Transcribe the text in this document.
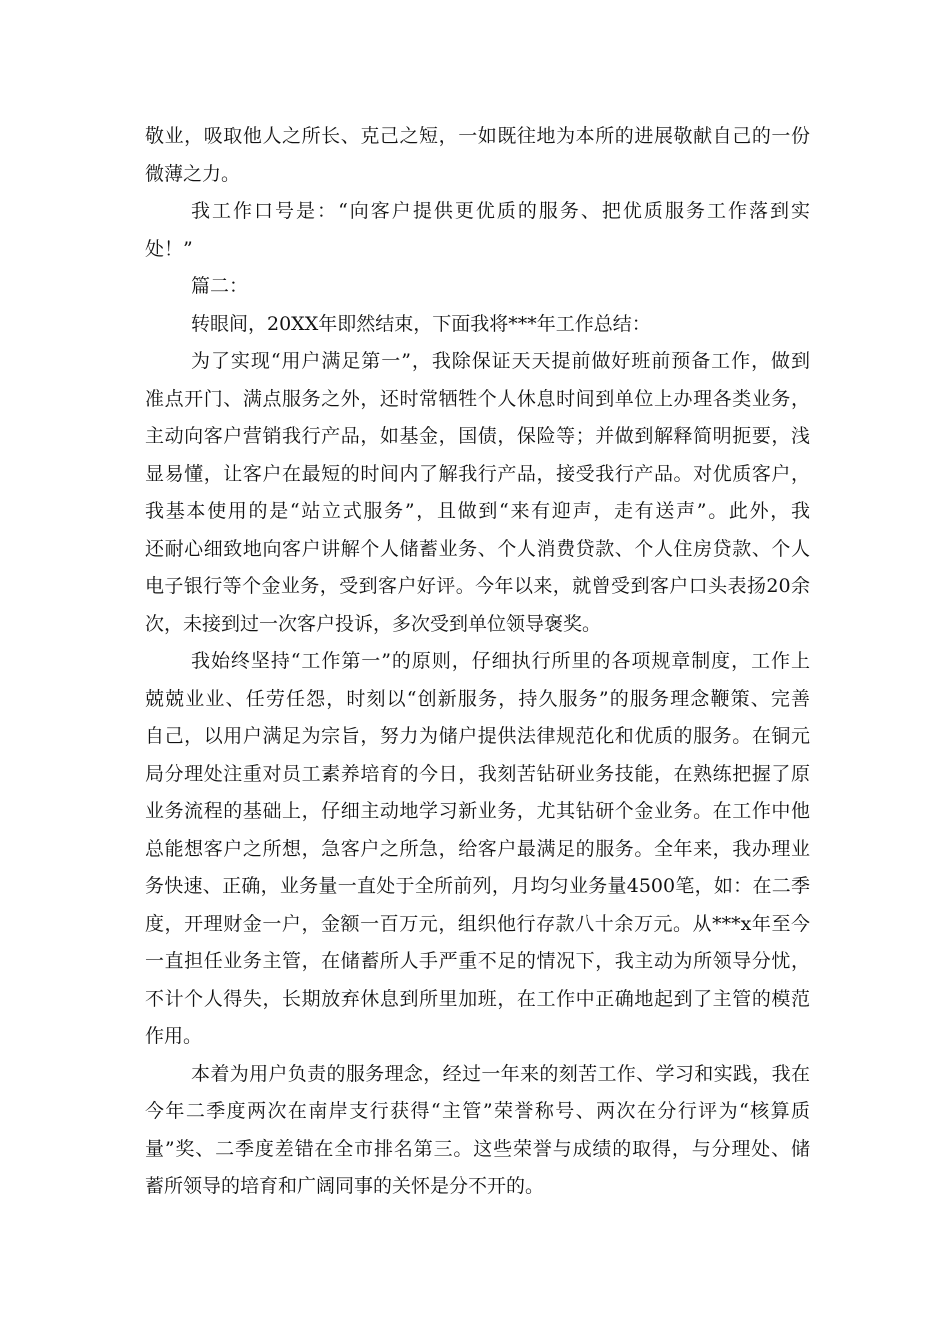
敬业，吸取他人之所长、克己之短，一如既往地为本所的进展敬献自己的一份
微薄之力。
我工作口号是：“向客户提供更优质的服务、把优质服务工作落到实
处！”
篇二：
转眼间，20XX年即然结束，下面我将***年工作总结：
为了实现“用户满足第一”，我除保证天天提前做好班前预备工作，做到
准点开门、满点服务之外，还时常牺牲个人休息时间到单位上办理各类业务，
主动向客户营销我行产品，如基金，国债，保险等；并做到解释简明扼要，浅
显易懂，让客户在最短的时间内了解我行产品，接受我行产品。对优质客户，
我基本使用的是“站立式服务”，且做到“来有迎声，走有送声”。此外，我
还耐心细致地向客户讲解个人储蓄业务、个人消费贷款、个人住房贷款、个人
电子银行等个金业务，受到客户好评。今年以来，就曾受到客户口头表扬20余
次，未接到过一次客户投诉，多次受到单位领导褒奖。
我始终坚持“工作第一”的原则，仔细执行所里的各项规章制度，工作上
兢兢业业、任劳任怨，时刻以“创新服务，持久服务”的服务理念鞭策、完善
自己，以用户满足为宗旨，努力为储户提供法律规范化和优质的服务。在铜元
局分理处注重对员工素养培育的今日，我刻苦钻研业务技能，在熟练把握了原
业务流程的基础上，仔细主动地学习新业务，尤其钻研个金业务。在工作中他
总能想客户之所想，急客户之所急，给客户最满足的服务。全年来，我办理业
务快速、正确，业务量一直处于全所前列，月均匀业务量4500笔，如：在二季
度，开理财金一户，金额一百万元，组织他行存款八十余万元。从***x年至今
一直担任业务主管，在储蓄所人手严重不足的情况下，我主动为所领导分忧，
不计个人得失，长期放弃休息到所里加班，在工作中正确地起到了主管的模范
作用。
本着为用户负责的服务理念，经过一年来的刻苦工作、学习和实践，我在
今年二季度两次在南岸支行获得“主管”荣誉称号、两次在分行评为“核算质
量”奖、二季度差错在全市排名第三。这些荣誉与成绩的取得，与分理处、储
蓄所领导的培育和广阔同事的关怀是分不开的。
